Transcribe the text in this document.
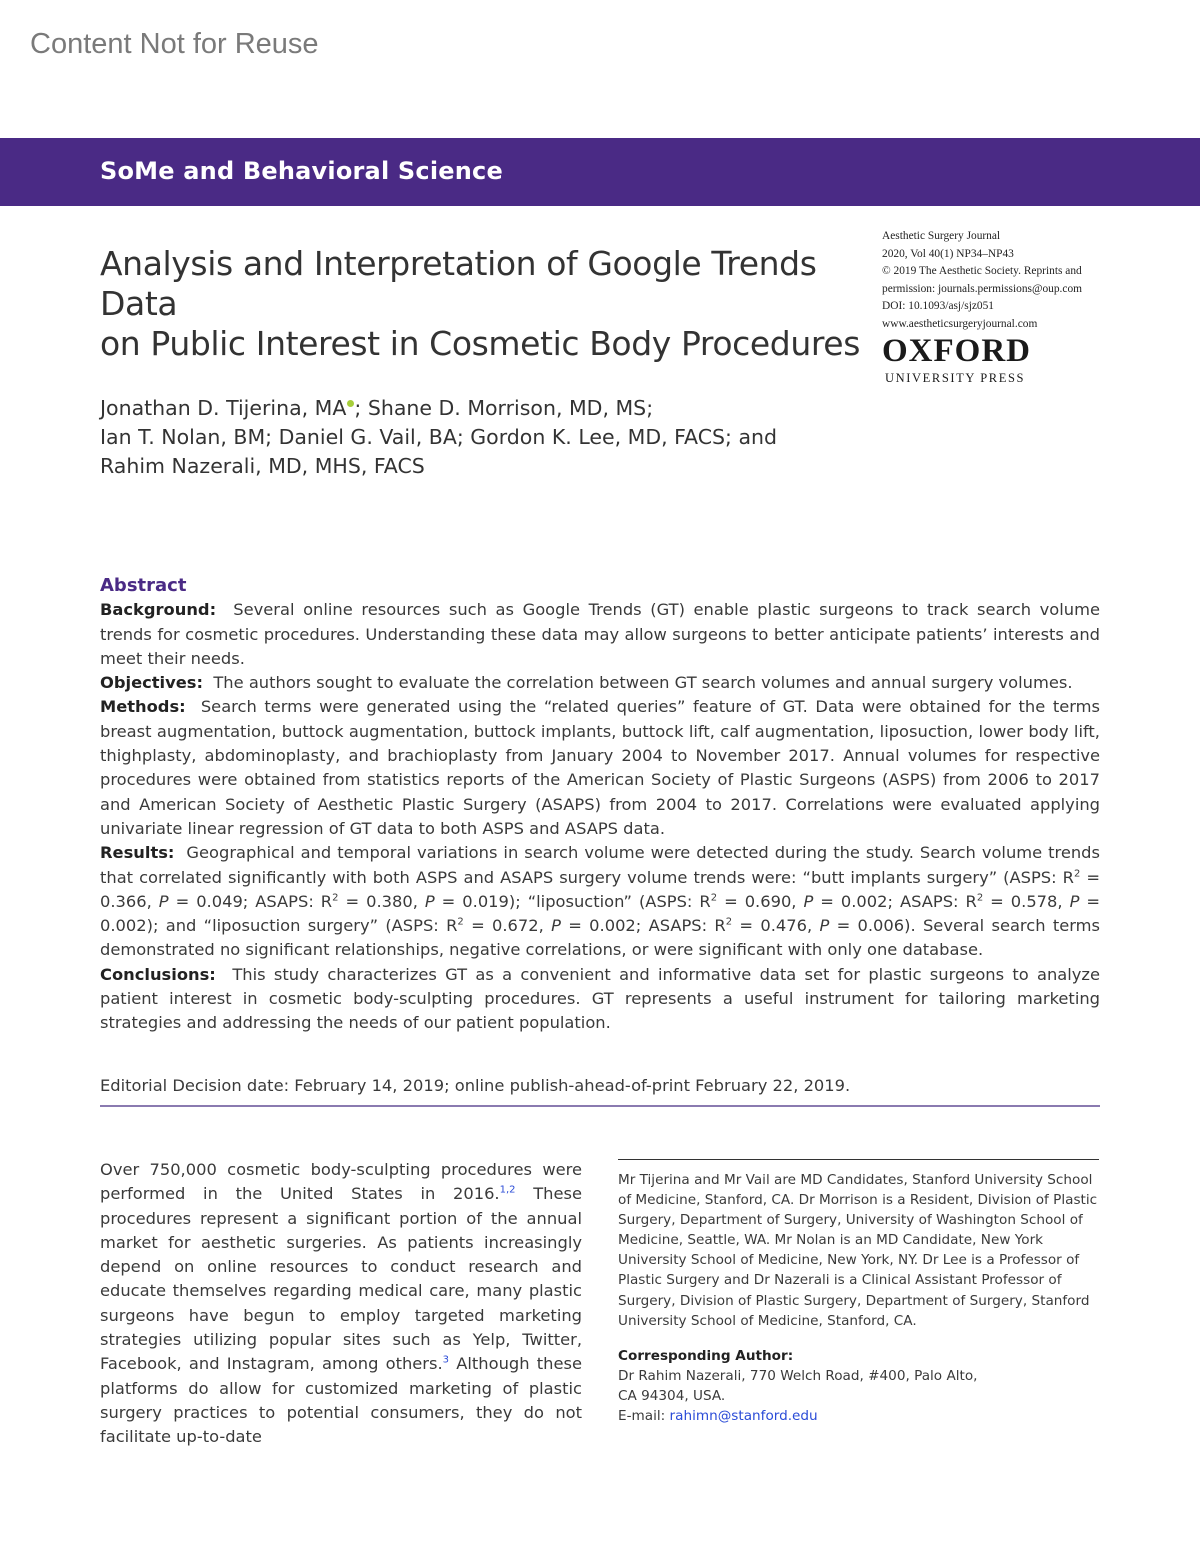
Content Not for Reuse
SoMe and Behavioral Science
Analysis and Interpretation of Google Trends Data
on Public Interest in Cosmetic Body Procedures
Aesthetic Surgery Journal
2020, Vol 40(1) NP34–NP43
© 2019 The Aesthetic Society. Reprints and
permission: journals.permissions@oup.com
DOI: 10.1093/asj/sjz051
www.aestheticsurgeryjournal.com
OXFORD
UNIVERSITY PRESS
Jonathan D. Tijerina, MA ; Shane D. Morrison, MD, MS;
Ian T. Nolan, BM; Daniel G. Vail, BA; Gordon K. Lee, MD, FACS; and
Rahim Nazerali, MD, MHS, FACS
Abstract

Background: Several online resources such as Google Trends (GT) enable plastic surgeons to track search volume trends for cosmetic procedures. Understanding these data may allow surgeons to better anticipate patients’ interests and meet their needs.

Objectives: The authors sought to evaluate the correlation between GT search volumes and annual surgery volumes.

Methods: Search terms were generated using the “related queries” feature of GT. Data were obtained for the terms breast augmentation, buttock augmentation, buttock implants, buttock lift, calf augmentation, liposuction, lower body lift, thighplasty, abdominoplasty, and brachioplasty from January 2004 to November 2017. Annual volumes for respective procedures were obtained from statistics reports of the American Society of Plastic Surgeons (ASPS) from 2006 to 2017 and American Society of Aesthetic Plastic Surgery (ASAPS) from 2004 to 2017. Correlations were evaluated applying univariate linear regression of GT data to both ASPS and ASAPS data.

Results: Geographical and temporal variations in search volume were detected during the study. Search volume trends that correlated significantly with both ASPS and ASAPS surgery volume trends were: “butt implants surgery” (ASPS: $R^2 = 0.366$, P = 0.049; ASAPS: $R^2 = 0.380$, P = 0.019); “liposuction” (ASPS: $R^2 = 0.690$, P = 0.002; ASAPS: $R^2 = 0.578$, P = 0.002); and “liposuction surgery” (ASPS: $R^2 = 0.672$, P = 0.002; ASAPS: $R^2 = 0.476$, P = 0.006). Several search terms demonstrated no significant relationships, negative correlations, or were significant with only one database.

Conclusions: This study characterizes GT as a convenient and informative data set for plastic surgeons to analyze patient interest in cosmetic body-sculpting procedures. GT represents a useful instrument for tailoring marketing strategies and addressing the needs of our patient population.

Editorial Decision date: February 14, 2019; online publish-ahead-of-print February 22, 2019.
Over 750,000 cosmetic body-sculpting procedures were performed in the United States in 2016.$^{1,2}$ These procedures represent a significant portion of the annual market for aesthetic surgeries. As patients increasingly depend on online resources to conduct research and educate themselves regarding medical care, many plastic surgeons have begun to employ targeted marketing strategies utilizing popular sites such as Yelp, Twitter, Facebook, and Instagram, among others.$^3$ Although these platforms do allow for customized marketing of plastic surgery practices to potential consumers, they do not facilitate up-to-date
Mr Tijerina and Mr Vail are MD Candidates, Stanford University School of Medicine, Stanford, CA. Dr Morrison is a Resident, Division of Plastic Surgery, Department of Surgery, University of Washington School of Medicine, Seattle, WA. Mr Nolan is an MD Candidate, New York University School of Medicine, New York, NY. Dr Lee is a Professor of Plastic Surgery and Dr Nazerali is a Clinical Assistant Professor of Surgery, Division of Plastic Surgery, Department of Surgery, Stanford University School of Medicine, Stanford, CA.
Corresponding Author:
Dr Rahim Nazerali, 770 Welch Road, #400, Palo Alto,
CA 94304, USA.
E-mail: rahimn@stanford.edu
